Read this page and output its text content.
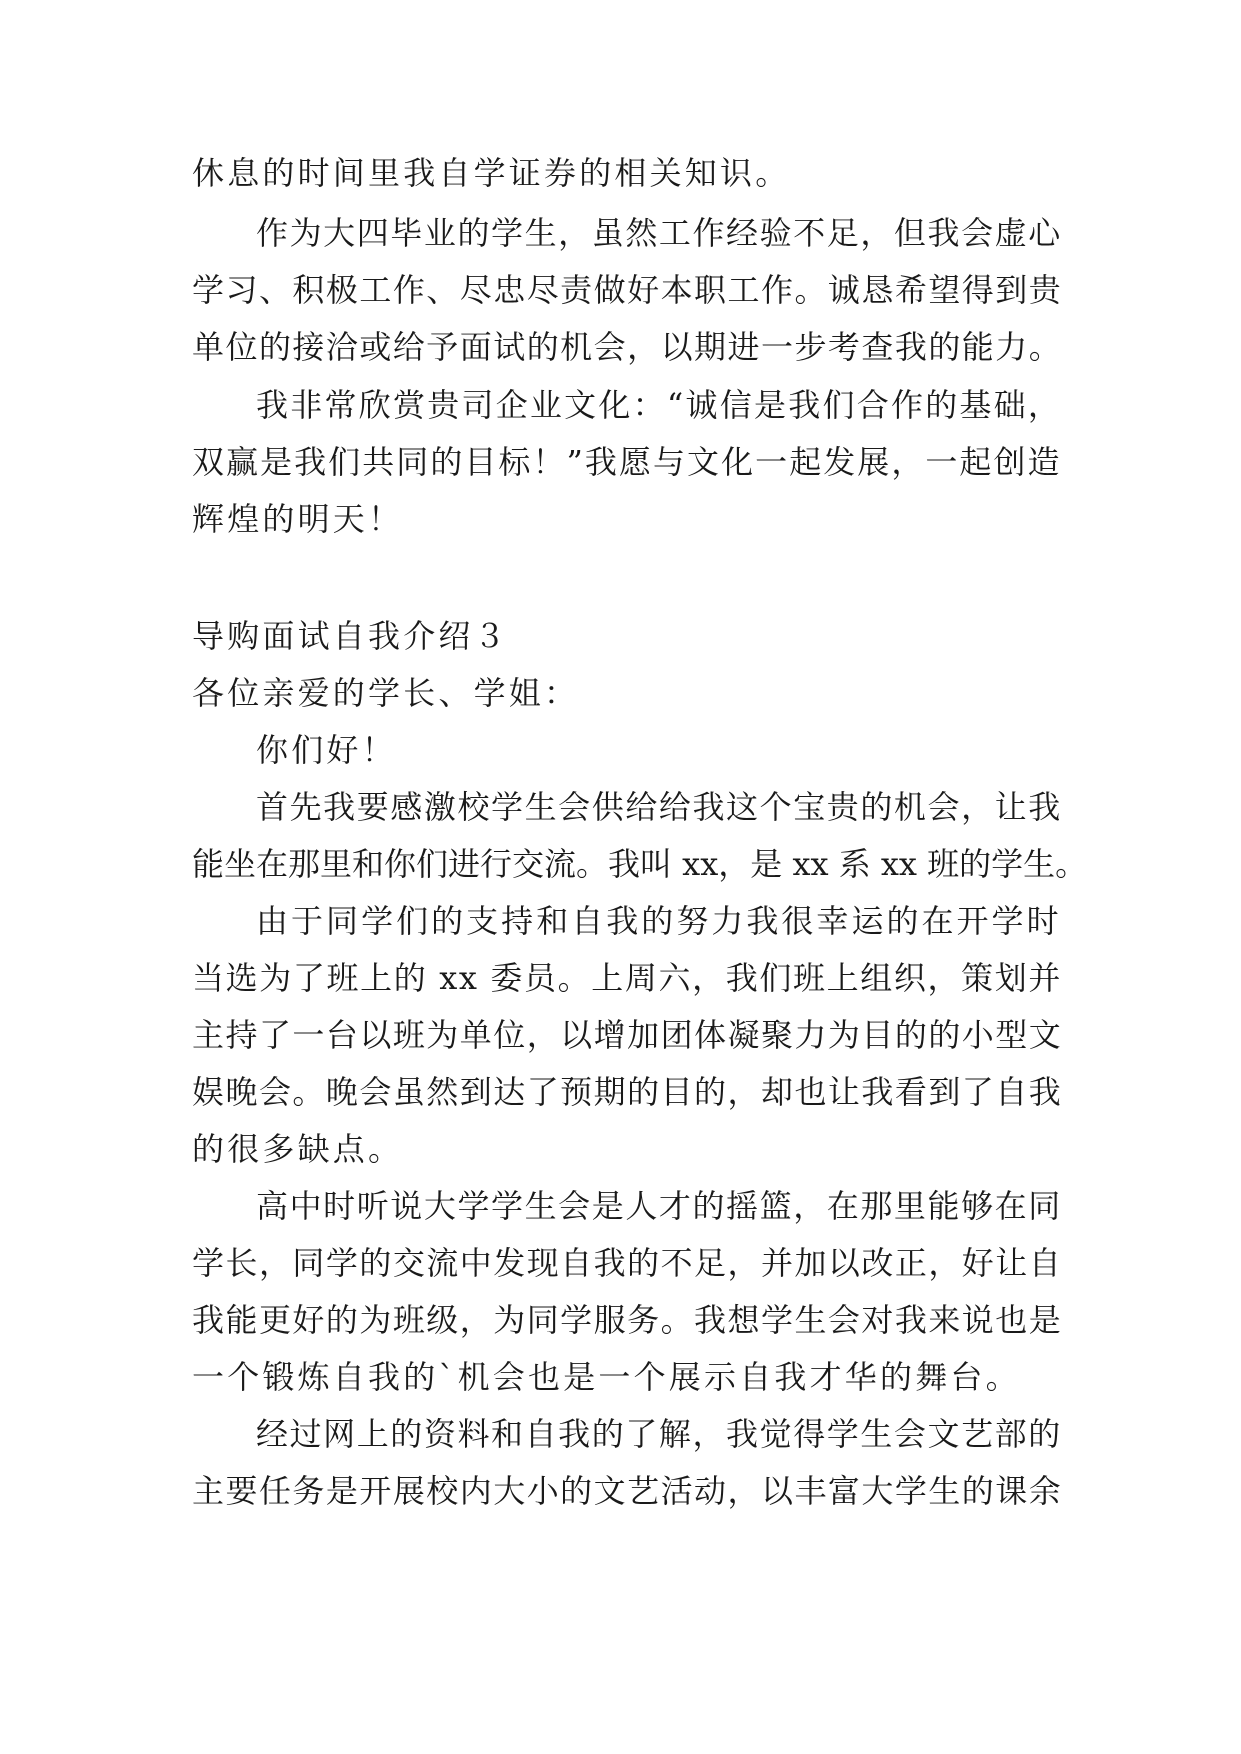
休息的时间里我自学证券的相关知识。
作为大四毕业的学生，虽然工作经验不足，但我会虚心
学习、积极工作、尽忠尽责做好本职工作。诚恳希望得到贵
单位的接洽或给予面试的机会，以期进一步考查我的能力。
我非常欣赏贵司企业文化：“诚信是我们合作的基础，
双赢是我们共同的目标！”我愿与文化一起发展，一起创造
辉煌的明天！
导购面试自我介绍３
各位亲爱的学长、学姐：
你们好！
首先我要感激校学生会供给给我这个宝贵的机会，让我
能坐在那里和你们进行交流。我叫 xx，是 xx 系 xx 班的学生。
由于同学们的支持和自我的努力我很幸运的在开学时
当选为了班上的 xx 委员。上周六，我们班上组织，策划并
主持了一台以班为单位，以增加团体凝聚力为目的的小型文
娱晚会。晚会虽然到达了预期的目的，却也让我看到了自我
的很多缺点。
高中时听说大学学生会是人才的摇篮，在那里能够在同
学长，同学的交流中发现自我的不足，并加以改正，好让自
我能更好的为班级，为同学服务。我想学生会对我来说也是
一个锻炼自我的`机会也是一个展示自我才华的舞台。
经过网上的资料和自我的了解，我觉得学生会文艺部的
主要任务是开展校内大小的文艺活动，以丰富大学生的课余
